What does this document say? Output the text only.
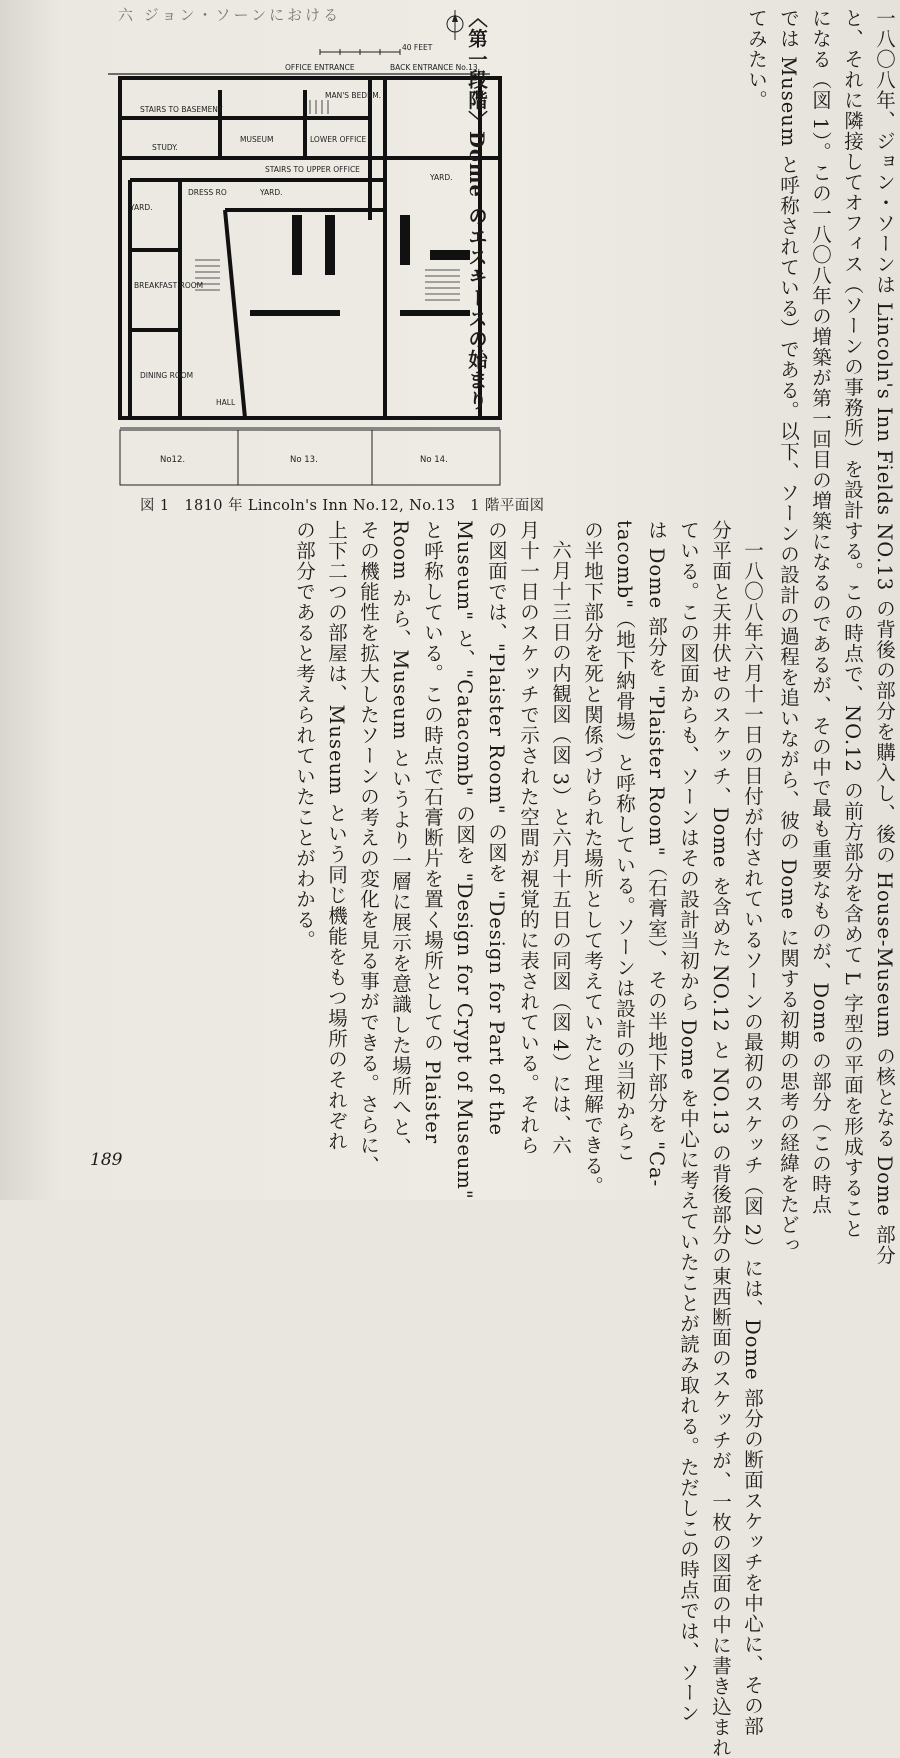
六 ジョン・ソーンにおける
40 FEET
OFFICE ENTRANCE	BACK ENTRANCE No.13.
STAIRS TO BASEMENT
MAN'S BEDRM.
STUDY.
MUSEUM	LOWER OFFICE
STAIRS TO UPPER OFFICE
YARD.
YARD.
YARD.
DRESS RO
BREAKFAST ROOM
DINING ROOM
HALL
No12.	No 13.	No 14.
図 1　1810 年 Lincoln's Inn No.12, No.13　1 階平面図	一八〇八年、ジョン・ソーンは Lincoln's Inn Fields NO.13 の背後の部分を購入し、後の House-Museum の核となる Dome 部分

と、それに隣接してオフィス（ソーンの事務所）を設計する。この時点で、NO.12 の前方部分を含めて L 字型の平面を形成すること

になる（図 1）。この一八〇八年の増築が第一回目の増築になるのであるが、その中で最も重要なものが、Dome の部分（この時点

では Museum と呼称されている）である。以下、ソーンの設計の過程を追いながら、彼の Dome に関する初期の思考の経緯をたどっ

てみたい。

〈第一段階〉Dome のエスキースの始まり

一八〇八年六月十一日の日付が付されているソーンの最初のスケッチ（図 2）には、Dome 部分の断面スケッチを中心に、その部

分平面と天井伏せのスケッチ、Dome を含めた NO.12 と NO.13 の背後部分の東西断面のスケッチが、一枚の図面の中に書き込まれ

ている。この図面からも、ソーンはその設計当初から Dome を中心に考えていたことが読み取れる。ただしこの時点では、ソーン

は Dome 部分を "Plaister Room"（石膏室）、その半地下部分を "Ca-

tacomb"（地下納骨場）と呼称している。ソーンは設計の当初からこ

の半地下部分を死と関係づけられた場所として考えていたと理解できる。

六月十三日の内観図（図 3）と六月十五日の同図（図 4）には、六

月十一日のスケッチで示された空間が視覚的に表されている。それら

の図面では、"Plaister Room" の図を "Design for Part of the

Museum" と、"Catacomb" の図を "Design for Crypt of Museum"

と呼称している。この時点で石膏断片を置く場所としての Plaister

Room から、Museum というより一層に展示を意識した場所へと、

その機能性を拡大したソーンの考えの変化を見る事ができる。さらに、

上下二つの部屋は、Museum という同じ機能をもつ場所のそれぞれ

の部分であると考えられていたことがわかる。

189
